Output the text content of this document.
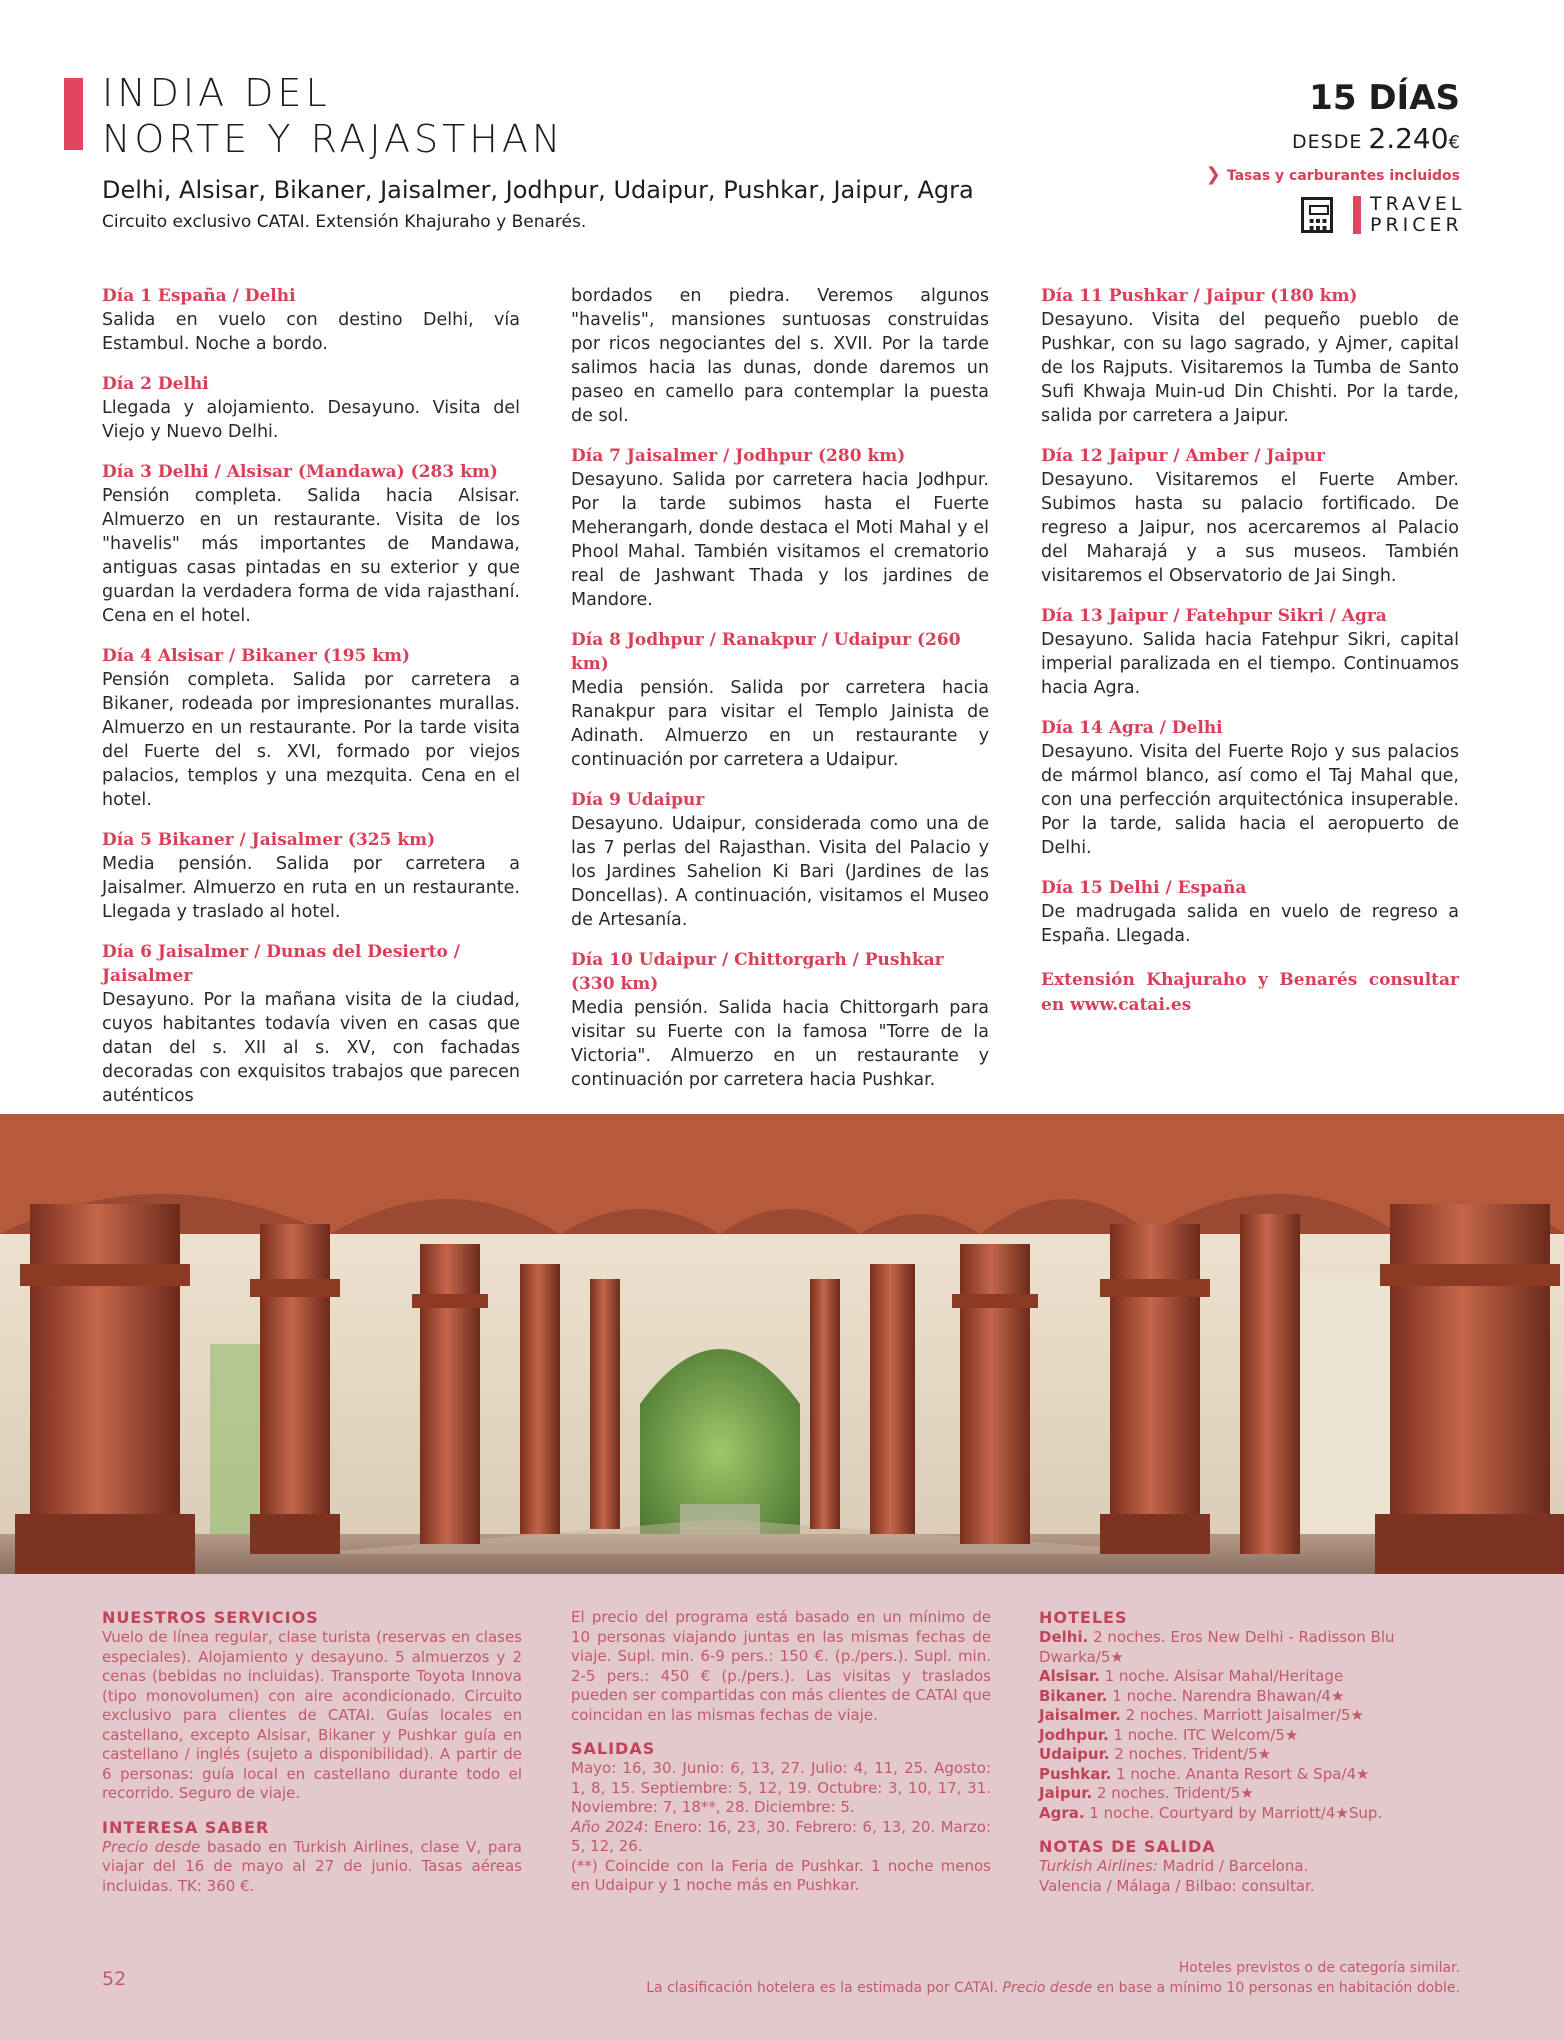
INDIA DEL
NORTE Y RAJASTHAN
Delhi, Alsisar, Bikaner, Jaisalmer, Jodhpur, Udaipur, Pushkar, Jaipur, Agra
Circuito exclusivo CATAI. Extensión Khajuraho y Benarés.
15 DÍAS
DESDE 2.240€
❯ Tasas y carburantes incluidos
▪▪▪
▪▪▪
TRAVEL
PRICER
Día 1 España / Delhi
Salida en vuelo con destino Delhi, vía Estambul. Noche a bordo.
Día 2 Delhi
Llegada y alojamiento. Desayuno. Visita del Viejo y Nuevo Delhi.
Día 3 Delhi / Alsisar (Mandawa) (283 km)
Pensión completa. Salida hacia Alsisar. Almuerzo en un restaurante. Visita de los "havelis" más importantes de Mandawa, antiguas casas pintadas en su exterior y que guardan la verdadera forma de vida rajasthaní. Cena en el hotel.
Día 4 Alsisar / Bikaner (195 km)
Pensión completa. Salida por carretera a Bikaner, rodeada por impresionantes murallas. Almuerzo en un restaurante. Por la tarde visita del Fuerte del s. XVI, formado por viejos palacios, templos y una mezquita. Cena en el hotel.
Día 5 Bikaner / Jaisalmer (325 km)
Media pensión. Salida por carretera a Jaisalmer. Almuerzo en ruta en un restaurante. Llegada y traslado al hotel.
Día 6 Jaisalmer / Dunas del Desierto / Jaisalmer
Desayuno. Por la mañana visita de la ciudad, cuyos habitantes todavía viven en casas que datan del s. XII al s. XV, con fachadas decoradas con exquisitos trabajos que parecen auténticos
bordados en piedra. Veremos algunos "havelis", mansiones suntuosas construidas por ricos negociantes del s. XVII. Por la tarde salimos hacia las dunas, donde daremos un paseo en camello para contemplar la puesta de sol.
Día 7 Jaisalmer / Jodhpur (280 km)
Desayuno. Salida por carretera hacia Jodhpur. Por la tarde subimos hasta el Fuerte Meherangarh, donde destaca el Moti Mahal y el Phool Mahal. También visitamos el crematorio real de Jashwant Thada y los jardines de Mandore.
Día 8 Jodhpur / Ranakpur / Udaipur (260 km)
Media pensión. Salida por carretera hacia Ranakpur para visitar el Templo Jainista de Adinath. Almuerzo en un restaurante y continuación por carretera a Udaipur.
Día 9 Udaipur
Desayuno. Udaipur, considerada como una de las 7 perlas del Rajasthan. Visita del Palacio y los Jardines Sahelion Ki Bari (Jardines de las Doncellas). A continuación, visitamos el Museo de Artesanía.
Día 10 Udaipur / Chittorgarh / Pushkar (330 km)
Media pensión. Salida hacia Chittorgarh para visitar su Fuerte con la famosa "Torre de la Victoria". Almuerzo en un restaurante y continuación por carretera hacia Pushkar.
Día 11 Pushkar / Jaipur (180 km)
Desayuno. Visita del pequeño pueblo de Pushkar, con su lago sagrado, y Ajmer, capital de los Rajputs. Visitaremos la Tumba de Santo Sufi Khwaja Muin-ud Din Chishti. Por la tarde, salida por carretera a Jaipur.
Día 12 Jaipur / Amber / Jaipur
Desayuno. Visitaremos el Fuerte Amber. Subimos hasta su palacio fortificado. De regreso a Jaipur, nos acercaremos al Palacio del Maharajá y a sus museos. También visitaremos el Observatorio de Jai Singh.
Día 13 Jaipur / Fatehpur Sikri / Agra
Desayuno. Salida hacia Fatehpur Sikri, capital imperial paralizada en el tiempo. Continuamos hacia Agra.
Día 14 Agra / Delhi
Desayuno. Visita del Fuerte Rojo y sus palacios de mármol blanco, así como el Taj Mahal que, con una perfección arquitectónica insuperable. Por la tarde, salida hacia el aeropuerto de Delhi.
Día 15 Delhi / España
De madrugada salida en vuelo de regreso a España. Llegada.
Extensión Khajuraho y Benarés consultar en www.catai.es
NUESTROS SERVICIOS
Vuelo de línea regular, clase turista (reservas en clases especiales). Alojamiento y desayuno. 5 almuerzos y 2 cenas (bebidas no incluidas). Transporte Toyota Innova (tipo monovolumen) con aire acondicionado. Circuito exclusivo para clientes de CATAI. Guías locales en castellano, excepto Alsisar, Bikaner y Pushkar guía en castellano / inglés (sujeto a disponibilidad). A partir de 6 personas: guía local en castellano durante todo el recorrido. Seguro de viaje.
INTERESA SABER
Precio desde basado en Turkish Airlines, clase V, para viajar del 16 de mayo al 27 de junio. Tasas aéreas incluidas. TK: 360 €.
El precio del programa está basado en un mínimo de 10 personas viajando juntas en las mismas fechas de viaje. Supl. min. 6-9 pers.: 150 €. (p./pers.). Supl. min. 2-5 pers.: 450 € (p./pers.). Las visitas y traslados pueden ser compartidas con más clientes de CATAI que coincidan en las mismas fechas de viaje.
SALIDAS
Mayo: 16, 30. Junio: 6, 13, 27. Julio: 4, 11, 25. Agosto: 1, 8, 15. Septiembre: 5, 12, 19. Octubre: 3, 10, 17, 31. Noviembre: 7, 18**, 28. Diciembre: 5.
Año 2024: Enero: 16, 23, 30. Febrero: 6, 13, 20. Marzo: 5, 12, 26.
(**) Coincide con la Feria de Pushkar. 1 noche menos en Udaipur y 1 noche más en Pushkar.
HOTELES
Delhi. 2 noches. Eros New Delhi - Radisson Blu Dwarka/5★
Alsisar. 1 noche. Alsisar Mahal/Heritage
Bikaner. 1 noche. Narendra Bhawan/4★
Jaisalmer. 2 noches. Marriott Jaisalmer/5★
Jodhpur. 1 noche. ITC Welcom/5★
Udaipur. 2 noches. Trident/5★
Pushkar. 1 noche. Ananta Resort & Spa/4★
Jaipur. 2 noches. Trident/5★
Agra. 1 noche. Courtyard by Marriott/4★Sup.
NOTAS DE SALIDA
Turkish Airlines: Madrid / Barcelona.
Valencia / Málaga / Bilbao: consultar.
52	Hoteles previstos o de categoría similar.
La clasificación hotelera es la estimada por CATAI. Precio desde en base a mínimo 10 personas en habitación doble.
